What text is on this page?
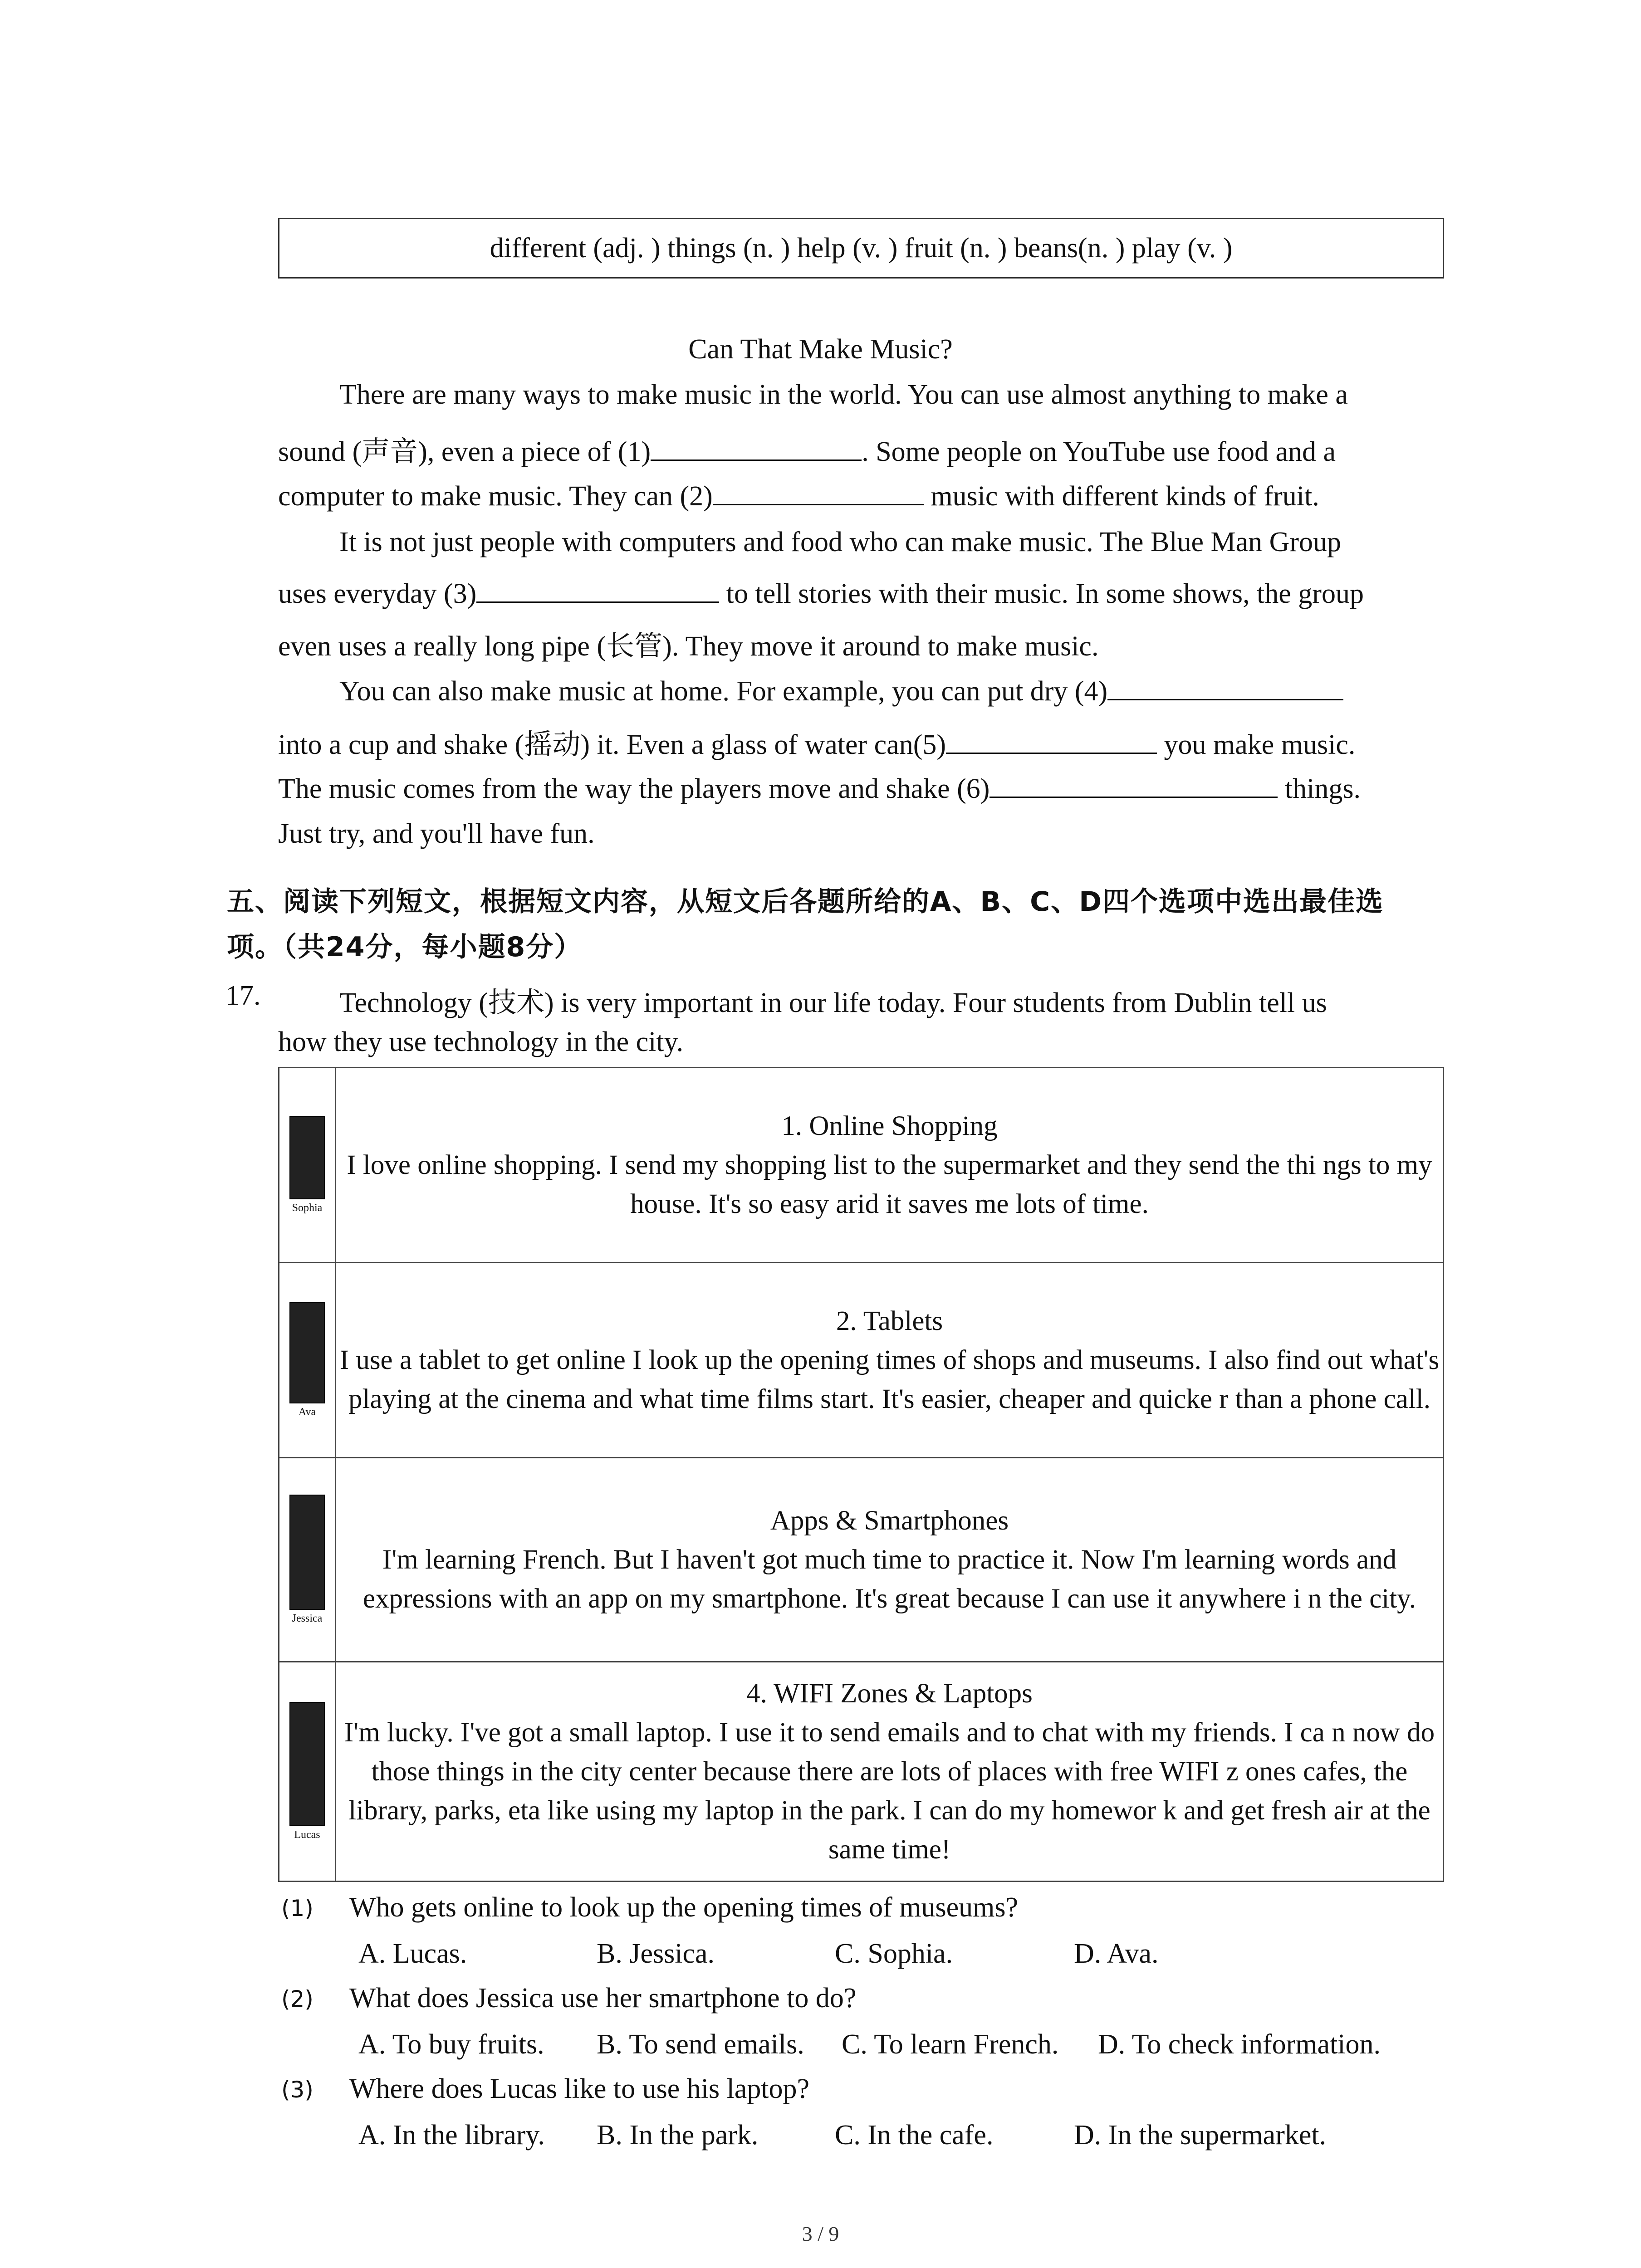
different (adj. ) things (n. ) help (v. ) fruit (n. ) beans(n. ) play (v. )
Can That Make Music?
There are many ways to make music in the world. You can use almost anything to make a
sound (声音), even a piece of (1)	. Some people on YouTube use food and a
computer to make music. They can (2)	music with different kinds of fruit.
It is not just people with computers and food who can make music. The Blue Man Group
uses everyday (3)	to tell stories with their music. In some shows, the group
even uses a really long pipe (长管). They move it around to make music.
You can also make music at home. For example, you can put dry (4)
into a cup and shake (摇动) it. Even a glass of water can(5)	you make music.
The music comes from the way the players move and shake (6)	things.
Just try, and you'll have fun.
五、阅读下列短文，根据短文内容，从短文后各题所给的A、B、C、D四个选项中选出最佳选
项。（共24分，每小题8分）
17.	Technology (技术) is very important in our life today. Four students from Dublin tell us
how they use technology in the city.
Sophia	1. Online Shopping
I love online shopping. I send my shopping list to the supermarket and they send the thi ngs to my house. It's so easy arid it saves me lots of time.

Ava	2. Tablets
I use a tablet to get online I look up the opening times of shops and museums. I also find out what's playing at the cinema and what time films start. It's easier, cheaper and quicke r than a phone call.

Jessica	Apps & Smartphones
I'm learning French. But I haven't got much time to practice it. Now I'm learning words and expressions with an app on my smartphone. It's great because I can use it anywhere i n the city.

Lucas	4. WIFI Zones & Laptops
I'm lucky. I've got a small laptop. I use it to send emails and to chat with my friends. I ca n now do those things in the city center because there are lots of places with free WIFI z ones cafes, the library, parks, eta like using my laptop in the park. I can do my homewor k and get fresh air at the same time!
(1) Who gets online to look up the opening times of museums?
A. Lucas.	B. Jessica.	C. Sophia.	D. Ava.
(2) What does Jessica use her smartphone to do?
A. To buy fruits. B. To send emails. C. To learn French. D. To check information.
(3) Where does Lucas like to use his laptop?
A. In the library. B. In the park.	C. In the cafe.	D. In the supermarket.
3 / 9
